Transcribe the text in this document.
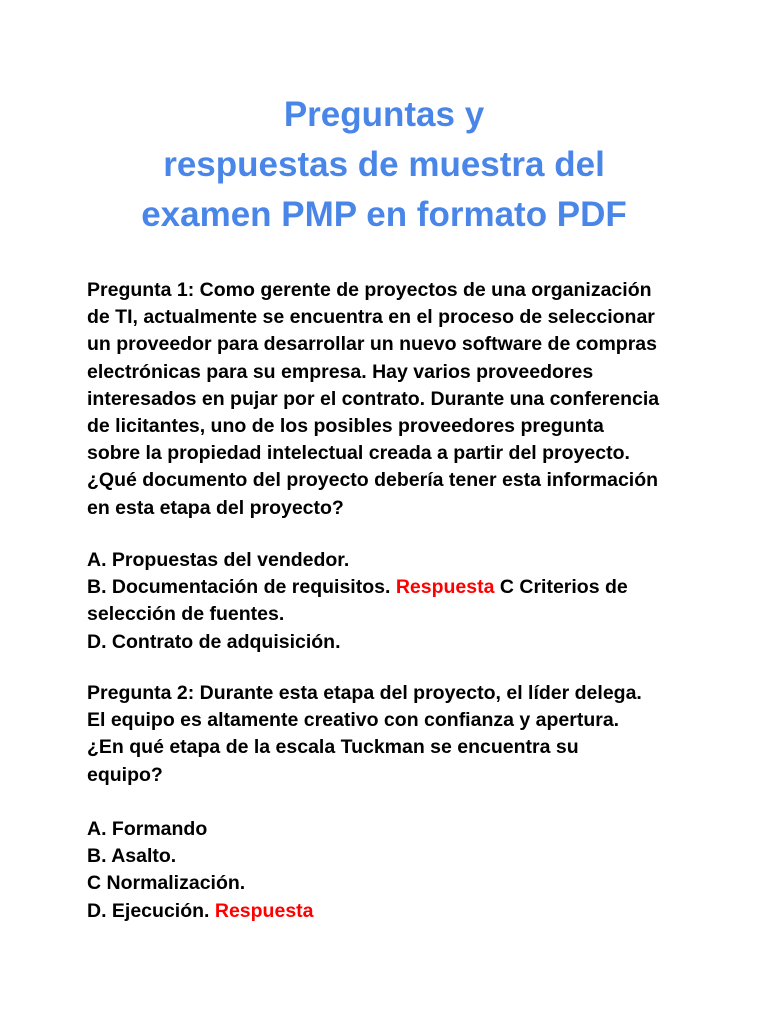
Preguntas y
respuestas de muestra del
examen PMP en formato PDF
Pregunta 1: Como gerente de proyectos de una organización
de TI, actualmente se encuentra en el proceso de seleccionar
un proveedor para desarrollar un nuevo software de compras
electrónicas para su empresa. Hay varios proveedores
interesados en pujar por el contrato. Durante una conferencia
de licitantes, uno de los posibles proveedores pregunta
sobre la propiedad intelectual creada a partir del proyecto.
¿Qué documento del proyecto debería tener esta información
en esta etapa del proyecto?
A. Propuestas del vendedor.
B. Documentación de requisitos. Respuesta C Criterios de
selección de fuentes.
D. Contrato de adquisición.
Pregunta 2: Durante esta etapa del proyecto, el líder delega.
El equipo es altamente creativo con confianza y apertura.
¿En qué etapa de la escala Tuckman se encuentra su
equipo?
A. Formando
B. Asalto.
C Normalización.
D. Ejecución. Respuesta
